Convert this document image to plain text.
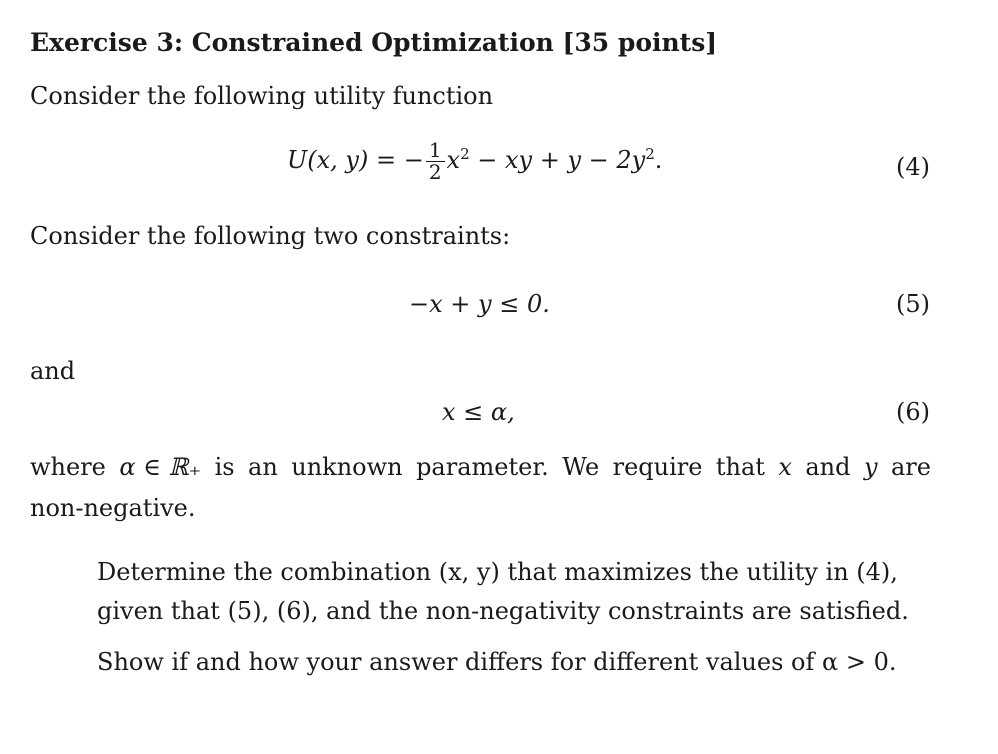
Exercise 3: Constrained Optimization [35 points]
Consider the following utility function
U(x, y) = − $\frac{1}{2} x^2$ − xy + $y - 2y^2$.	(4)
Consider the following two constraints:
−x + y ≤ 0.	(5)
and
x ≤ α,	(6)
where α ∈ ℝ₊ is an unknown parameter. We require that x and y are
non-negative.
Determine the combination (x, y) that maximizes the utility in (4),
given that (5), (6), and the non-negativity constraints are satisfied.
Show if and how your answer differs for different values of α > 0.
